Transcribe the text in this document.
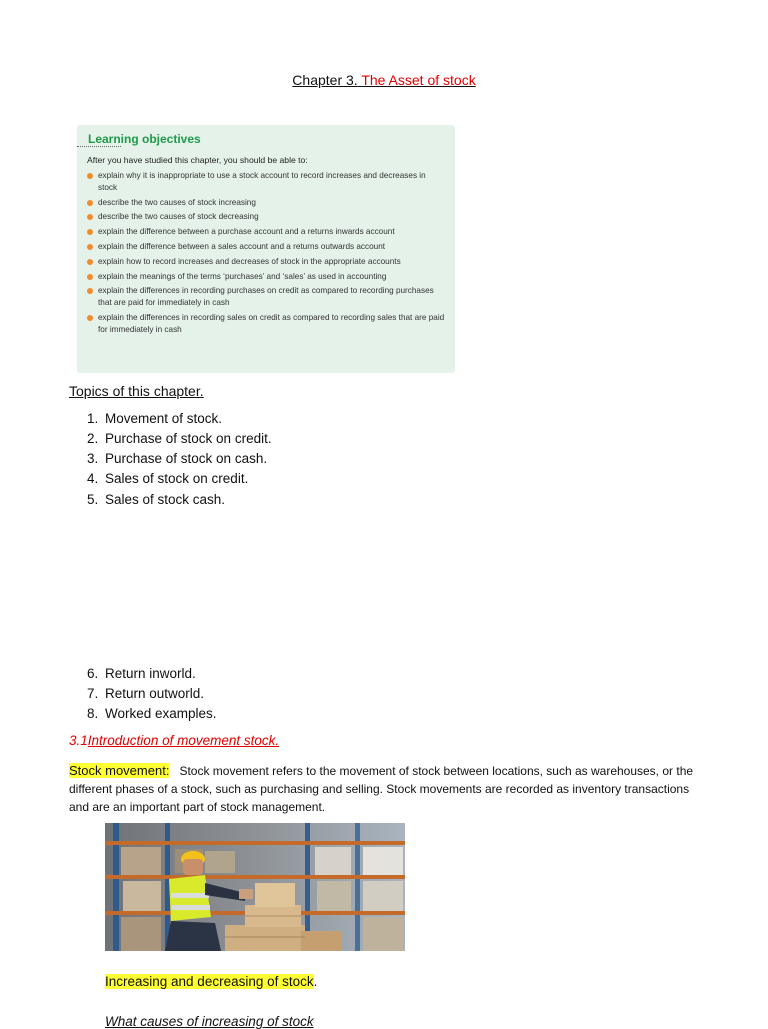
Chapter 3. The Asset of stock
Learning objectives
After you have studied this chapter, you should be able to:
explain why it is inappropriate to use a stock account to record increases and decreases in stock
describe the two causes of stock increasing
describe the two causes of stock decreasing
explain the difference between a purchase account and a returns inwards account
explain the difference between a sales account and a returns outwards account
explain how to record increases and decreases of stock in the appropriate accounts
explain the meanings of the terms ‘purchases’ and ‘sales’ as used in accounting
explain the differences in recording purchases on credit as compared to recording purchases that are paid for immediately in cash
explain the differences in recording sales on credit as compared to recording sales that are paid for immediately in cash
Topics of this chapter.
1. Movement of stock.
2. Purchase of stock on credit.
3. Purchase of stock on cash.
4. Sales of stock on credit.
5. Sales of stock cash.
6. Return inworld.
7. Return outworld.
8. Worked examples.
3.1Introduction of movement stock.
Stock movement: Stock movement refers to the movement of stock between locations, such as warehouses, or the different phases of a stock, such as purchasing and selling. Stock movements are recorded as inventory transactions and are an important part of stock management.
Increasing and decreasing of stock.
What causes of increasing of stock
